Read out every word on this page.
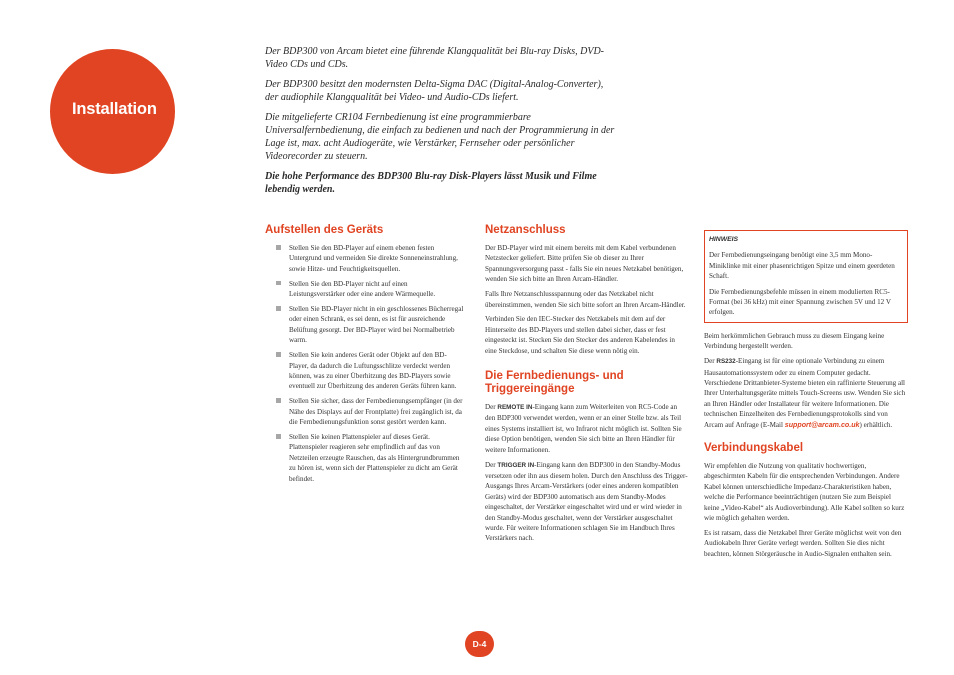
Installation

Der BDP300 von Arcam bietet eine führende Klangqualität bei Blu-ray Disks, DVD-Video CDs und CDs.

Der BDP300 besitzt den modernsten Delta-Sigma DAC (Digital-Analog-Converter), der audiophile Klangqualität bei Video- und Audio-CDs liefert.

Die mitgelieferte CR104 Fernbedienung ist eine programmierbare Universalfernbedienung, die einfach zu bedienen und nach der Programmierung in der Lage ist, max. acht Audiogeräte, wie Verstärker, Fernseher oder persönlicher Videorecorder zu steuern.

Die hohe Performance des BDP300 Blu-ray Disk-Players lässt Musik und Filme lebendig werden.

Aufstellen des Geräts
Stellen Sie den BD-Player auf einem ebenen festen Untergrund und vermeiden Sie direkte Sonneneinstrahlung, sowie Hitze- und Feuchtigkeitsquellen.
Stellen Sie den BD-Player nicht auf einen Leistungsverstärker oder eine andere Wärmequelle.
Stellen Sie BD-Player nicht in ein geschlossenes Bücherregal oder einen Schrank, es sei denn, es ist für ausreichende Belüftung gesorgt. Der BD-Player wird bei Normalbetrieb warm.
Stellen Sie kein anderes Gerät oder Objekt auf den BD-Player, da dadurch die Luftungsschlitze verdeckt werden können, was zu einer Überhitzung des BD-Players sowie eventuell zur Überhitzung des anderen Geräts führen kann.
Stellen Sie sicher, dass der Fernbedienungsempfänger (in der Nähe des Displays auf der Frontplatte) frei zugänglich ist, da die Fernbedienungsfunktion sonst gestört werden kann.
Stellen Sie keinen Plattenspieler auf dieses Gerät. Plattenspieler reagieren sehr empfindlich auf das von Netzteilen erzeugte Rauschen, das als Hintergrundbrummen zu hören ist, wenn sich der Plattenspieler zu dicht am Gerät befindet.
Netzanschluss

Der BD-Player wird mit einem bereits mit dem Kabel verbundenen Netzstecker geliefert. Bitte prüfen Sie ob dieser zu Ihrer Spannungsversorgung passt - falls Sie ein neues Netzkabel benötigen, wenden Sie sich bitte an Ihren Arcam-Händler.

Falls Ihre Netzanschlussspannung oder das Netzkabel nicht übereinstimmen, wenden Sie sich bitte sofort an Ihren Arcam-Händler.

Verbinden Sie den IEC-Stecker des Netzkabels mit dem auf der Hinterseite des BD-Players und stellen dabei sicher, dass er fest eingesteckt ist. Stecken Sie den Stecker des anderen Kabelendes in eine Steckdose, und schalten Sie diese wenn nötig ein.

Die Fernbedienungs- und Triggereingänge

Der REMOTE IN-Eingang kann zum Weiterleiten von RC5-Code an den BDP300 verwendet werden, wenn er an einer Stelle bzw. als Teil eines Systems installiert ist, wo Infrarot nicht möglich ist. Sollten Sie diese Option benötigen, wenden Sie sich bitte an Ihren Händler für weitere Informationen.

Der TRIGGER IN-Eingang kann den BDP300 in den Standby-Modus versetzen oder ihn aus diesem holen. Durch den Anschluss des Trigger-Ausgangs Ihres Arcam-Verstärkers (oder eines anderen kompatiblen Geräts) wird der BDP300 automatisch aus dem Standby-Modes eingeschaltet, der Verstärker eingeschaltet wird und er wird wieder in den Standby-Modus geschaltet, wenn der Verstärker ausgeschaltet wurde. Für weitere Informationen schlagen Sie im Handbuch Ihres Verstärkers nach.

HINWEIS

Der Fernbedienungseingang benötigt eine 3,5 mm Mono-Miniklinke mit einer phasenrichtigen Spitze und einem geerdeten Schaft.

Die Fernbedienungsbefehle müssen in einem modulierten RC5-Format (bei 36 kHz) mit einer Spannung zwischen 5V und 12 V erfolgen.

Beim herkömmlichen Gebrauch muss zu diesem Eingang keine Verbindung hergestellt werden.

Der RS232-Eingang ist für eine optionale Verbindung zu einem Hausautomationssystem oder zu einem Computer gedacht. Verschiedene Drittanbieter-Systeme bieten ein raffinierte Steuerung all Ihrer Unterhaltungsgeräte mittels Touch-Screens usw. Wenden Sie sich an Ihren Händler oder Installateur für weitere Informationen. Die technischen Einzelheiten des Fernbedienungsprotokolls sind von Arcam auf Anfrage (E-Mail support@arcam.co.uk) erhältlich.

Verbindungskabel

Wir empfehlen die Nutzung von qualitativ hochwertigen, abgeschirmten Kabeln für die entsprechenden Verbindungen. Andere Kabel können unterschiedliche Impedanz-Charakteristiken haben, welche die Performance beeinträchtigen (nutzen Sie zum Beispiel keine „Video-Kabel“ als Audioverbindung). Alle Kabel sollten so kurz wie möglich gehalten werden.

Es ist ratsam, dass die Netzkabel Ihrer Geräte möglichst weit von den Audiokabeln Ihrer Geräte verlegt werden. Sollten Sie dies nicht beachten, können Störgeräusche in Audio-Signalen enthalten sein.

D-4
